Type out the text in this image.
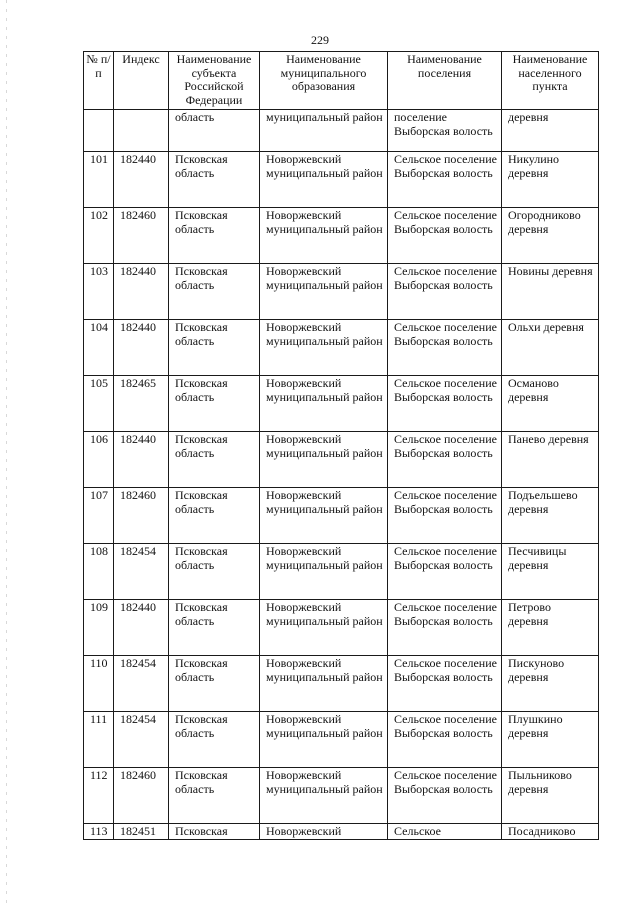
229
№ п/п	Индекс	Наименование субъекта Российской Федерации	Наименование муниципального образования	Наименование поселения	Наименование населенного пункта
		область	муниципальный район	поселение Выборская волость	деревня
101	182440	Псковская область	Новоржевский муниципальный район	Сельское поселение Выборская волость	Никулино деревня
102	182460	Псковская область	Новоржевский муниципальный район	Сельское поселение Выборская волость	Огородниково деревня
103	182440	Псковская область	Новоржевский муниципальный район	Сельское поселение Выборская волость	Новины деревня
104	182440	Псковская область	Новоржевский муниципальный район	Сельское поселение Выборская волость	Ольхи деревня
105	182465	Псковская область	Новоржевский муниципальный район	Сельское поселение Выборская волость	Османово деревня
106	182440	Псковская область	Новоржевский муниципальный район	Сельское поселение Выборская волость	Панево деревня
107	182460	Псковская область	Новоржевский муниципальный район	Сельское поселение Выборская волость	Подъельшево деревня
108	182454	Псковская область	Новоржевский муниципальный район	Сельское поселение Выборская волость	Песчивицы деревня
109	182440	Псковская область	Новоржевский муниципальный район	Сельское поселение Выборская волость	Петрово деревня
110	182454	Псковская область	Новоржевский муниципальный район	Сельское поселение Выборская волость	Пискуново деревня
111	182454	Псковская область	Новоржевский муниципальный район	Сельское поселение Выборская волость	Плушкино деревня
112	182460	Псковская область	Новоржевский муниципальный район	Сельское поселение Выборская волость	Пыльниково деревня
113	182451	Псковская	Новоржевский	Сельское	Посадниково
